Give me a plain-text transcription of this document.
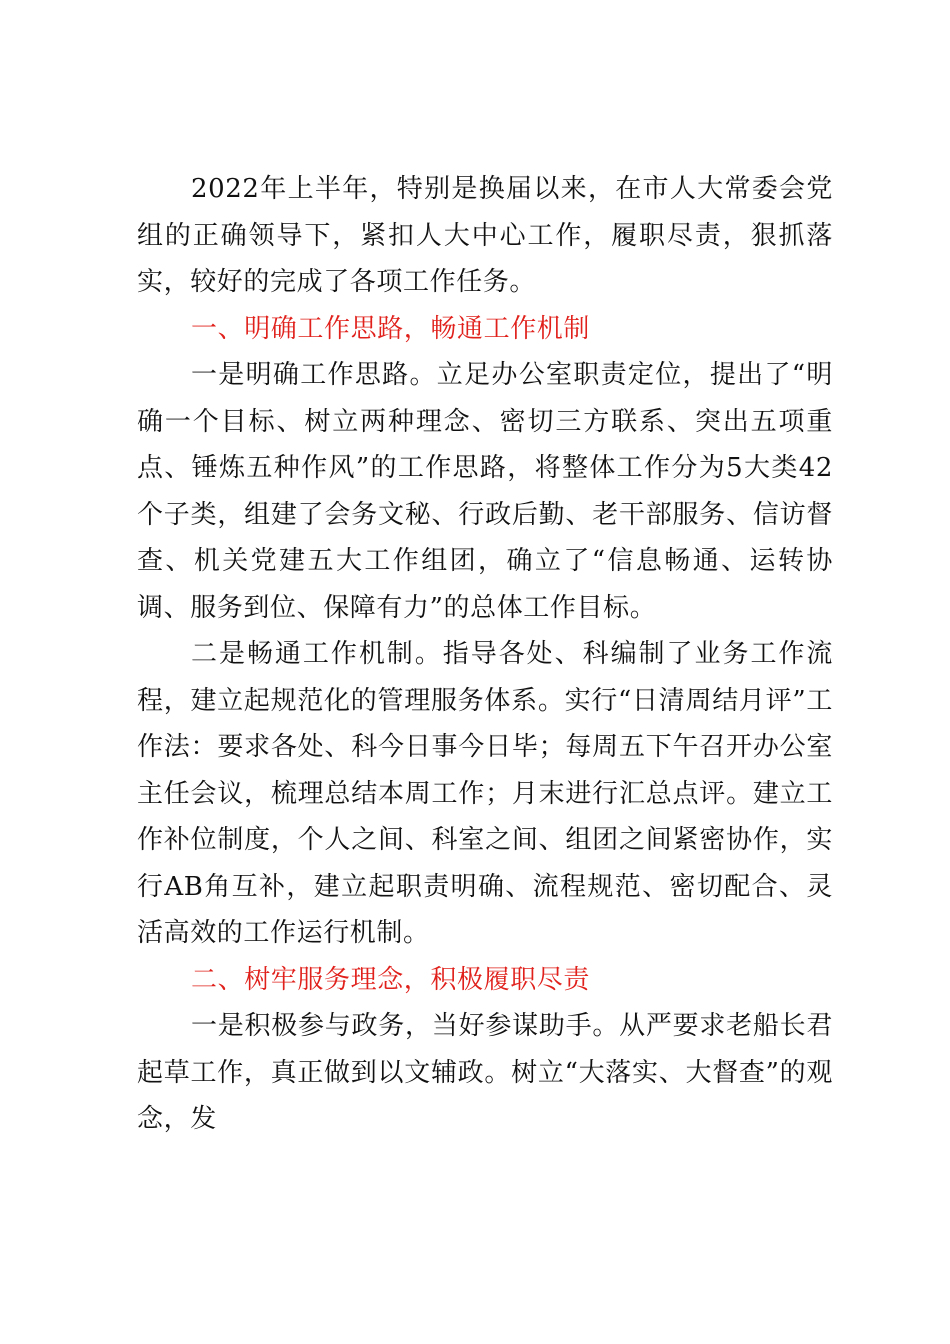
2022年上半年，特别是换届以来，在市人大常委会党组的正确领导下，紧扣人大中心工作，履职尽责，狠抓落实，较好的完成了各项工作任务。

一、明确工作思路，畅通工作机制

一是明确工作思路。立足办公室职责定位，提出了“明确一个目标、树立两种理念、密切三方联系、突出五项重点、锤炼五种作风”的工作思路，将整体工作分为5大类42个子类，组建了会务文秘、行政后勤、老干部服务、信访督查、机关党建五大工作组团，确立了“信息畅通、运转协调、服务到位、保障有力”的总体工作目标。

二是畅通工作机制。指导各处、科编制了业务工作流程，建立起规范化的管理服务体系。实行“日清周结月评”工作法：要求各处、科今日事今日毕；每周五下午召开办公室主任会议，梳理总结本周工作；月末进行汇总点评。建立工作补位制度，个人之间、科室之间、组团之间紧密协作，实行AB角互补，建立起职责明确、流程规范、密切配合、灵活高效的工作运行机制。

二、树牢服务理念，积极履职尽责

一是积极参与政务，当好参谋助手。从严要求老船长君起草工作，真正做到以文辅政。树立“大落实、大督查”的观念，发
